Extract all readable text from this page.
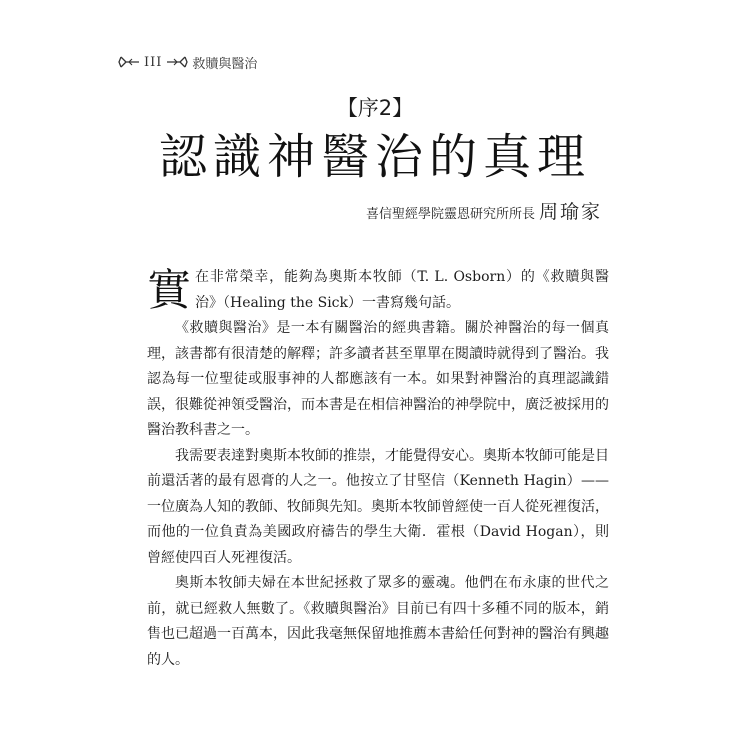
III 救贖與醫治
【序2】
認識神醫治的真理
喜信聖經學院靈恩研究所所長 周瑜家

實在非常榮幸，能夠為奧斯本牧師（T. L. Osborn）的《救贖與醫治》（Healing the Sick）一書寫幾句話。

《救贖與醫治》是一本有關醫治的經典書籍。關於神醫治的每一個真理，該書都有很清楚的解釋；許多讀者甚至單單在閱讀時就得到了醫治。我認為每一位聖徒或服事神的人都應該有一本。如果對神醫治的真理認識錯誤，很難從神領受醫治，而本書是在相信神醫治的神學院中，廣泛被採用的醫治教科書之一。

我需要表達對奧斯本牧師的推崇，才能覺得安心。奧斯本牧師可能是目前還活著的最有恩膏的人之一。他按立了甘堅信（Kenneth Hagin）——一位廣為人知的教師、牧師與先知。奧斯本牧師曾經使一百人從死裡復活，而他的一位負責為美國政府禱告的學生大衛．霍根（David Hogan），則曾經使四百人死裡復活。

奧斯本牧師夫婦在本世紀拯救了眾多的靈魂。他們在布永康的世代之前，就已經救人無數了。《救贖與醫治》目前已有四十多種不同的版本，銷售也已超過一百萬本，因此我毫無保留地推薦本書給任何對神的醫治有興趣的人。
